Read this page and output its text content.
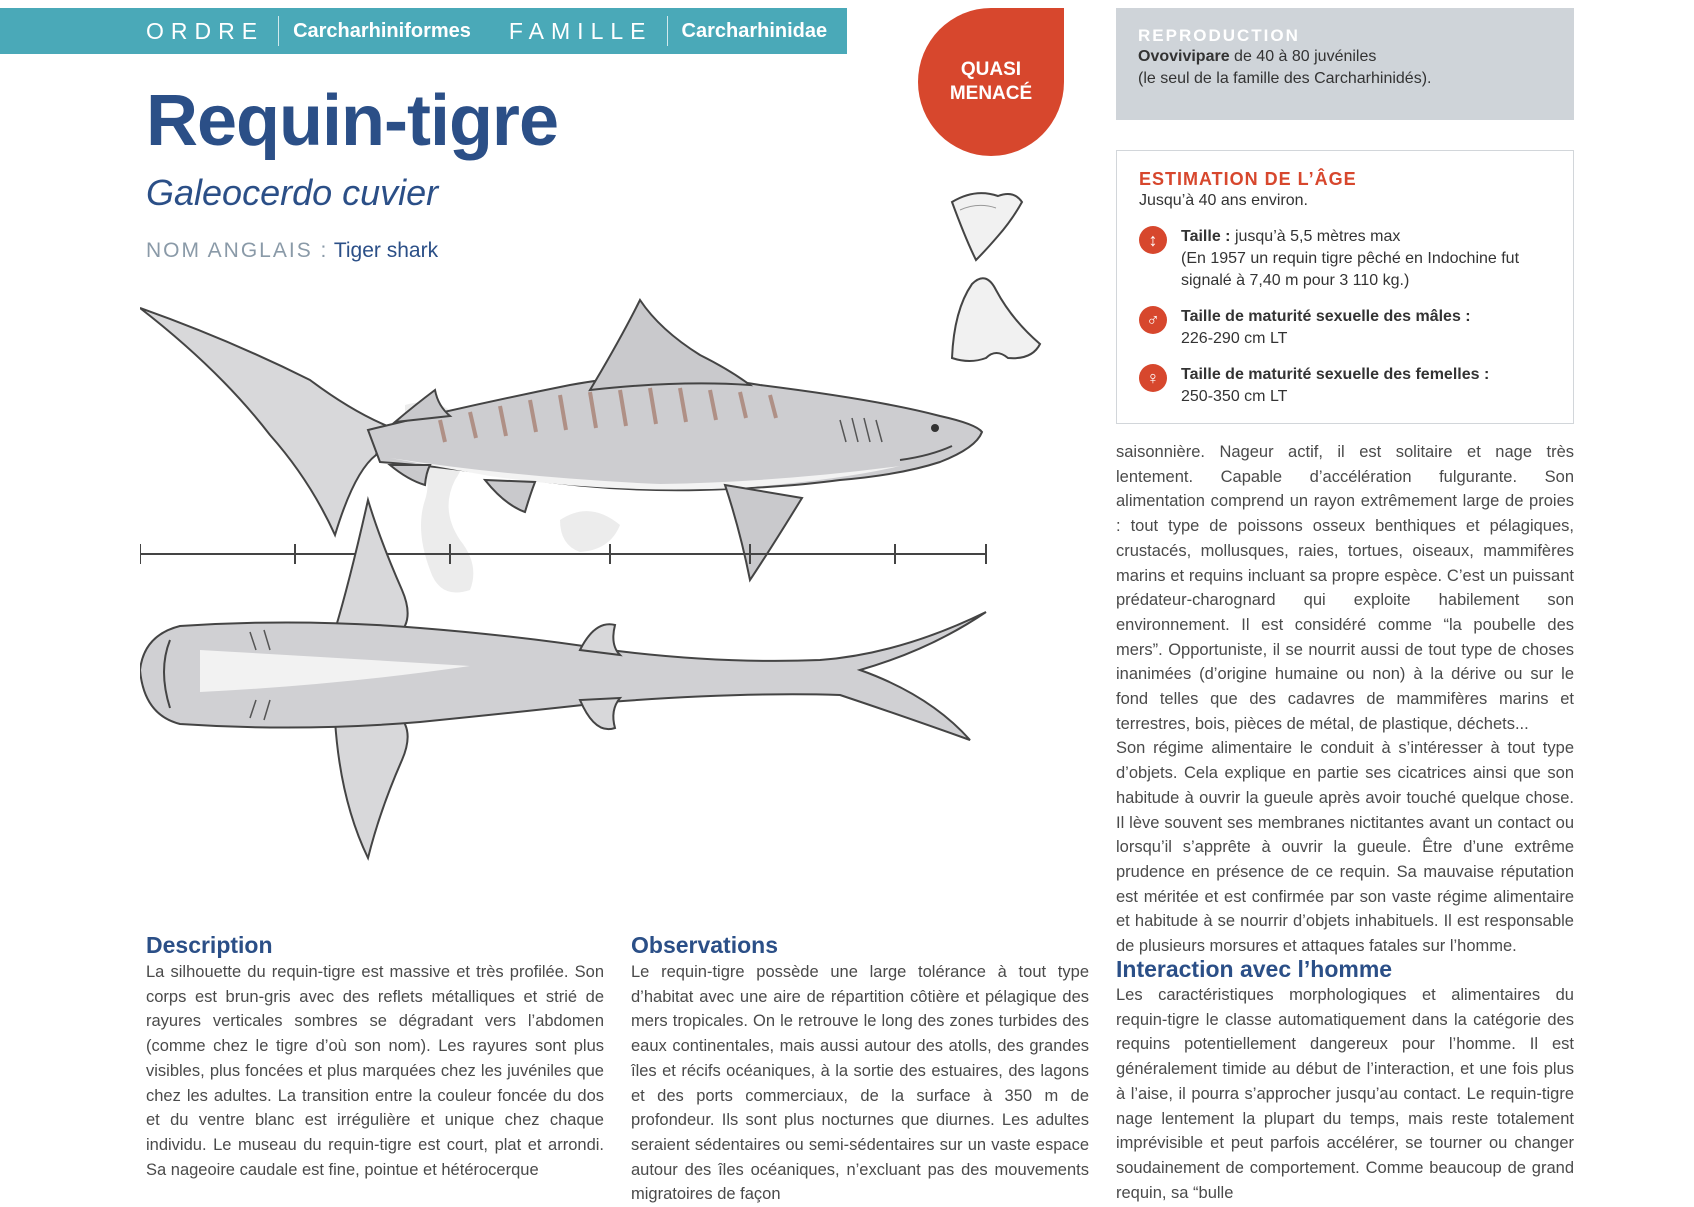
ORDRE Carcharhiniformes FAMILLE Carcharhinidae
QUASI
MENACÉ
Requin-tigre
Galeocerdo cuvier
NOM ANGLAIS : Tiger shark
REPRODUCTION
Ovovivipare de 40 à 80 juvéniles
(le seul de la famille des Carcharhinidés).
ESTIMATION DE L’ÂGE
Jusqu’à 40 ans environ.
↕	Taille : jusqu’à 5,5 mètres max
(En 1957 un requin tigre pêché en Indochine fut signalé à 7,40 m pour 3 110 kg.)
♂	Taille de maturité sexuelle des mâles :
226-290 cm LT
♀	Taille de maturité sexuelle des femelles :
250-350 cm LT
Description
La silhouette du requin-tigre est massive et très profilée. Son corps est brun-gris avec des reflets métalliques et strié de rayures verticales sombres se dégradant vers l’abdomen (comme chez le tigre d’où son nom). Les rayures sont plus visibles, plus foncées et plus marquées chez les juvéniles que chez les adultes. La transition entre la couleur foncée du dos et du ventre blanc est irrégulière et unique chez chaque individu. Le museau du requin-tigre est court, plat et arrondi. Sa nageoire caudale est fine, pointue et hétérocerque
Observations
Le requin-tigre possède une large tolérance à tout type d’habitat avec une aire de répartition côtière et pélagique des mers tropicales. On le retrouve le long des zones turbides des eaux continentales, mais aussi autour des atolls, des grandes îles et récifs océaniques, à la sortie des estuaires, des lagons et des ports commerciaux, de la surface à 350 m de profondeur. Ils sont plus nocturnes que diurnes. Les adultes seraient sédentaires ou semi-sédentaires sur un vaste espace autour des îles océaniques, n’excluant pas des mouvements migratoires de façon
saisonnière. Nageur actif, il est solitaire et nage très lentement. Capable d’accélération fulgurante. Son alimentation comprend un rayon extrêmement large de proies : tout type de poissons osseux benthiques et pélagiques, crustacés, mollusques, raies, tortues, oiseaux, mammifères marins et requins incluant sa propre espèce. C’est un puissant prédateur-charognard qui exploite habilement son environnement. Il est considéré comme “la poubelle des mers”. Opportuniste, il se nourrit aussi de tout type de choses inanimées (d’origine humaine ou non) à la dérive ou sur le fond telles que des cadavres de mammifères marins et terrestres, bois, pièces de métal, de plastique, déchets...
Son régime alimentaire le conduit à s’intéresser à tout type d’objets. Cela explique en partie ses cicatrices ainsi que son habitude à ouvrir la gueule après avoir touché quelque chose. Il lève souvent ses membranes nictitantes avant un contact ou lorsqu’il s’apprête à ouvrir la gueule. Être d’une extrême prudence en présence de ce requin. Sa mauvaise réputation est méritée et est confirmée par son vaste régime alimentaire et habitude à se nourrir d’objets inhabituels. Il est responsable de plusieurs morsures et attaques fatales sur l’homme.
Interaction avec l’homme
Les caractéristiques morphologiques et alimentaires du requin-tigre le classe automatiquement dans la catégorie des requins potentiellement dangereux pour l’homme. Il est généralement timide au début de l’interaction, et une fois plus à l’aise, il pourra s’approcher jusqu’au contact. Le requin-tigre nage lentement la plupart du temps, mais reste totalement imprévisible et peut parfois accélérer, se tourner ou changer soudainement de comportement. Comme beaucoup de grand requin, sa “bulle
